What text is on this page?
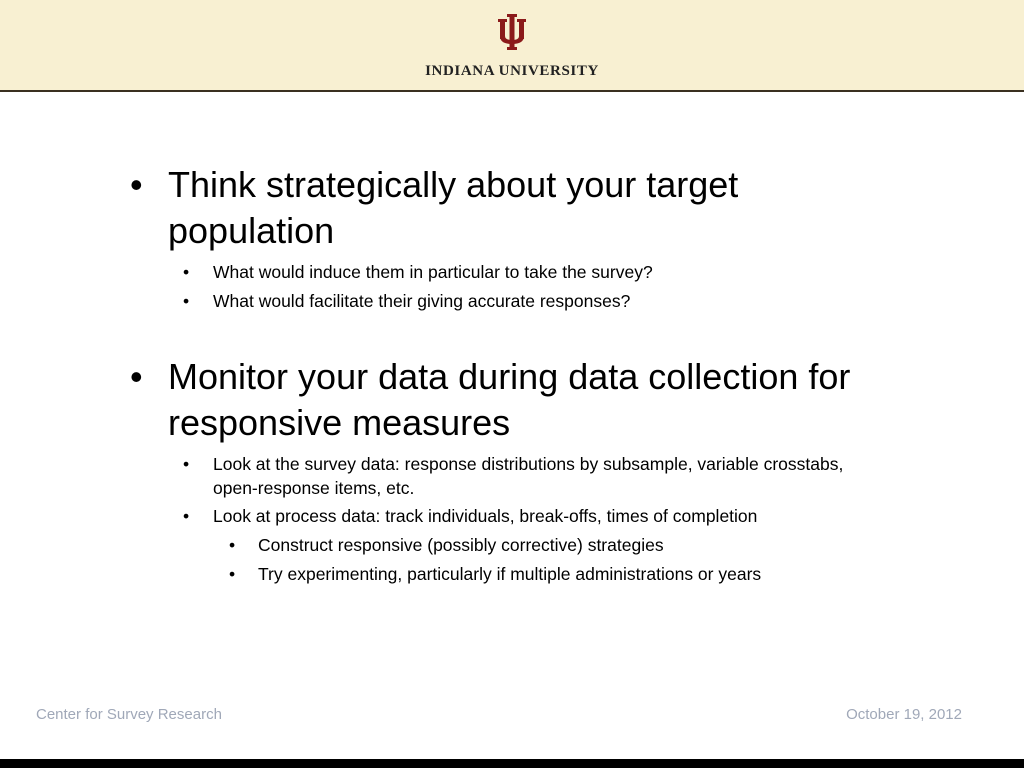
INDIANA UNIVERSITY
• Think strategically about your target population
• What would induce them in particular to take the survey?
• What would facilitate their giving accurate responses?
• Monitor your data during data collection for responsive measures
• Look at the survey data: response distributions by subsample, variable crosstabs, open-response items, etc.
• Look at process data: track individuals, break-offs, times of completion
• Construct responsive (possibly corrective) strategies
• Try experimenting, particularly if multiple administrations or years
Center for Survey Research	October 19, 2012
